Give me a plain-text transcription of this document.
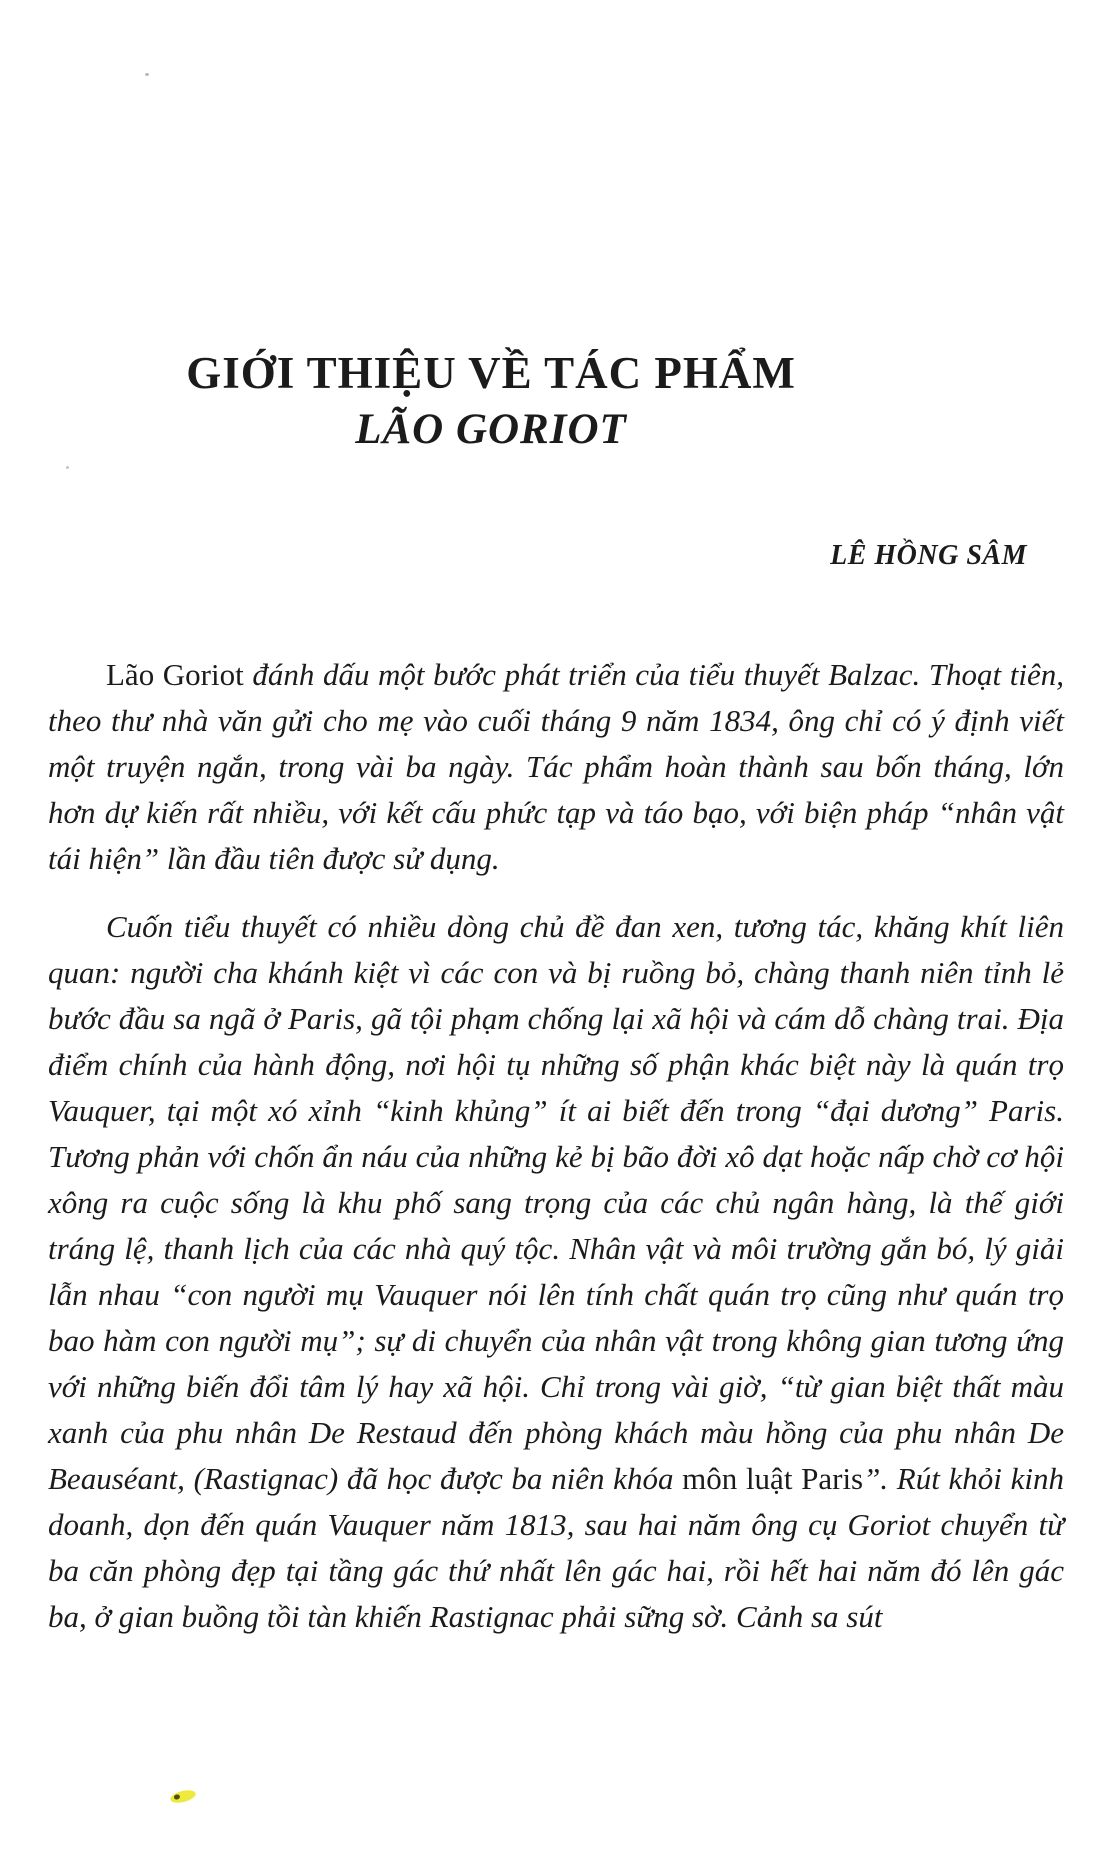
GIỚI THIỆU VỀ TÁC PHẨM
LÃO GORIOT
LÊ HỒNG SÂM

Lão Goriot đánh dấu một bước phát triển của tiểu thuyết Balzac. Thoạt tiên, theo thư nhà văn gửi cho mẹ vào cuối tháng 9 năm 1834, ông chỉ có ý định viết một truyện ngắn, trong vài ba ngày. Tác phẩm hoàn thành sau bốn tháng, lớn hơn dự kiến rất nhiều, với kết cấu phức tạp và táo bạo, với biện pháp “nhân vật tái hiện” lần đầu tiên được sử dụng.

Cuốn tiểu thuyết có nhiều dòng chủ đề đan xen, tương tác, khăng khít liên quan: người cha khánh kiệt vì các con và bị ruồng bỏ, chàng thanh niên tỉnh lẻ bước đầu sa ngã ở Paris, gã tội phạm chống lại xã hội và cám dỗ chàng trai. Địa điểm chính của hành động, nơi hội tụ những số phận khác biệt này là quán trọ Vauquer, tại một xó xỉnh “kinh khủng” ít ai biết đến trong “đại dương” Paris. Tương phản với chốn ẩn náu của những kẻ bị bão đời xô dạt hoặc nấp chờ cơ hội xông ra cuộc sống là khu phố sang trọng của các chủ ngân hàng, là thế giới tráng lệ, thanh lịch của các nhà quý tộc. Nhân vật và môi trường gắn bó, lý giải lẫn nhau “con người mụ Vauquer nói lên tính chất quán trọ cũng như quán trọ bao hàm con người mụ”; sự di chuyển của nhân vật trong không gian tương ứng với những biến đổi tâm lý hay xã hội. Chỉ trong vài giờ, “từ gian biệt thất màu xanh của phu nhân De Restaud đến phòng khách màu hồng của phu nhân De Beauséant, (Rastignac) đã học được ba niên khóa môn luật Paris”. Rút khỏi kinh doanh, dọn đến quán Vauquer năm 1813, sau hai năm ông cụ Goriot chuyển từ ba căn phòng đẹp tại tầng gác thứ nhất lên gác hai, rồi hết hai năm đó lên gác ba, ở gian buồng tồi tàn khiến Rastignac phải sững sờ. Cảnh sa sút
